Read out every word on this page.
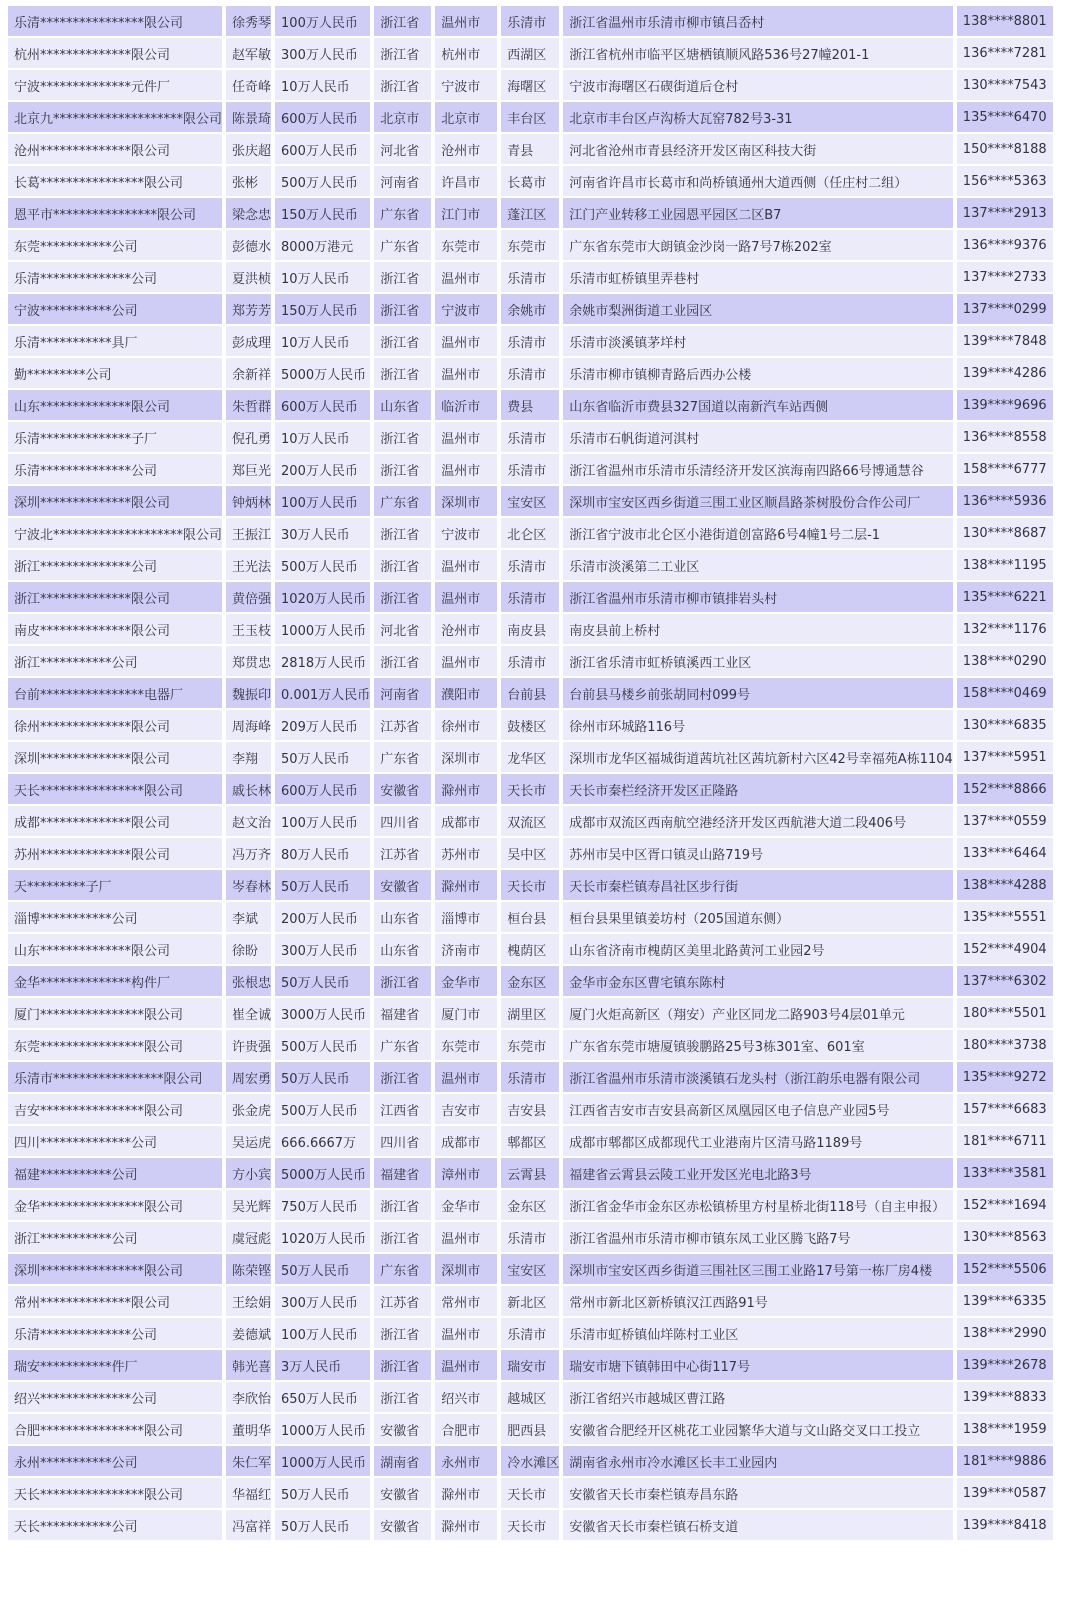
乐清****************限公司	徐秀琴	100万人民币	浙江省	温州市	乐清市	浙江省温州市乐清市柳市镇吕岙村	138****8801
杭州**************限公司	赵军敏	300万人民币	浙江省	杭州市	西湖区	浙江省杭州市临平区塘栖镇顺风路536号27幢201-1	136****7281
宁波**************元件厂	任奇峰	10万人民币	浙江省	宁波市	海曙区	宁波市海曙区石碶街道后仓村	130****7543
北京九********************限公司	陈景琦	600万人民币	北京市	北京市	丰台区	北京市丰台区卢沟桥大瓦窑782号3-31	135****6470
沧州**************限公司	张庆超	600万人民币	河北省	沧州市	青县	河北省沧州市青县经济开发区南区科技大街	150****8188
长葛****************限公司	张彬	500万人民币	河南省	许昌市	长葛市	河南省许昌市长葛市和尚桥镇通州大道西侧（任庄村二组）	156****5363
恩平市****************限公司	梁念忠	150万人民币	广东省	江门市	蓬江区	江门产业转移工业园恩平园区二区B7	137****2913
东莞***********公司	彭德水	8000万港元	广东省	东莞市	东莞市	广东省东莞市大朗镇金沙岗一路7号7栋202室	136****9376
乐清**************公司	夏洪桢	10万人民币	浙江省	温州市	乐清市	乐清市虹桥镇里弄巷村	137****2733
宁波***********公司	郑芳芳	150万人民币	浙江省	宁波市	余姚市	余姚市梨洲街道工业园区	137****0299
乐清***********具厂	彭成理	10万人民币	浙江省	温州市	乐清市	乐清市淡溪镇茅垟村	139****7848
勤*********公司	余新祥	5000万人民币	浙江省	温州市	乐清市	乐清市柳市镇柳青路后西办公楼	139****4286
山东**************限公司	朱哲群	600万人民币	山东省	临沂市	费县	山东省临沂市费县327国道以南新汽车站西侧	139****9696
乐清**************子厂	倪孔勇	10万人民币	浙江省	温州市	乐清市	乐清市石帆街道河淇村	136****8558
乐清**************公司	郑巨光	200万人民币	浙江省	温州市	乐清市	浙江省温州市乐清市乐清经济开发区滨海南四路66号博通慧谷	158****6777
深圳**************限公司	钟炳林	100万人民币	广东省	深圳市	宝安区	深圳市宝安区西乡街道三围工业区顺昌路茶树股份合作公司厂	136****5936
宁波北********************限公司	王振江	30万人民币	浙江省	宁波市	北仑区	浙江省宁波市北仑区小港街道创富路6号4幢1号二层-1	130****8687
浙江**************公司	王光法	500万人民币	浙江省	温州市	乐清市	乐清市淡溪第二工业区	138****1195
浙江**************限公司	黄倍强	1020万人民币	浙江省	温州市	乐清市	浙江省温州市乐清市柳市镇排岩头村	135****6221
南皮**************限公司	王玉枝	1000万人民币	河北省	沧州市	南皮县	南皮县前上桥村	132****1176
浙江***********公司	郑贯忠	2818万人民币	浙江省	温州市	乐清市	浙江省乐清市虹桥镇溪西工业区	138****0290
台前****************电器厂	魏振印	0.001万人民币	河南省	濮阳市	台前县	台前县马楼乡前张胡同村099号	158****0469
徐州**************限公司	周海峰	209万人民币	江苏省	徐州市	鼓楼区	徐州市环城路116号	130****6835
深圳**************限公司	李翔	50万人民币	广东省	深圳市	龙华区	深圳市龙华区福城街道茜坑社区茜坑新村六区42号幸福苑A栋1104	137****5951
天长****************限公司	戚长林	600万人民币	安徽省	滁州市	天长市	天长市秦栏经济开发区正隆路	152****8866
成都**************限公司	赵文治	100万人民币	四川省	成都市	双流区	成都市双流区西南航空港经济开发区西航港大道二段406号	137****0559
苏州**************限公司	冯万齐	80万人民币	江苏省	苏州市	吴中区	苏州市吴中区胥口镇灵山路719号	133****6464
天*********子厂	岑春林	50万人民币	安徽省	滁州市	天长市	天长市秦栏镇寿昌社区步行街	138****4288
淄博***********公司	李斌	200万人民币	山东省	淄博市	桓台县	桓台县果里镇姜坊村（205国道东侧）	135****5551
山东**************限公司	徐盼	300万人民币	山东省	济南市	槐荫区	山东省济南市槐荫区美里北路黄河工业园2号	152****4904
金华**************构件厂	张根忠	50万人民币	浙江省	金华市	金东区	金华市金东区曹宅镇东陈村	137****6302
厦门****************限公司	崔全诚	3000万人民币	福建省	厦门市	湖里区	厦门火炬高新区（翔安）产业区同龙二路903号4层01单元	180****5501
东莞****************限公司	许贵强	500万人民币	广东省	东莞市	东莞市	广东省东莞市塘厦镇骏鹏路25号3栋301室、601室	180****3738
乐清市*****************限公司	周宏勇	50万人民币	浙江省	温州市	乐清市	浙江省温州市乐清市淡溪镇石龙头村（浙江韵乐电器有限公司	135****9272
吉安****************限公司	张金虎	500万人民币	江西省	吉安市	吉安县	江西省吉安市吉安县高新区凤凰园区电子信息产业园5号	157****6683
四川**************公司	吴运虎	666.6667万	四川省	成都市	郫都区	成都市郫都区成都现代工业港南片区清马路1189号	181****6711
福建***********公司	方小宾	5000万人民币	福建省	漳州市	云霄县	福建省云霄县云陵工业开发区光电北路3号	133****3581
金华****************限公司	吴光辉	750万人民币	浙江省	金华市	金东区	浙江省金华市金东区赤松镇桥里方村星桥北街118号（自主申报）	152****1694
浙江***********公司	虞冠彪	1020万人民币	浙江省	温州市	乐清市	浙江省温州市乐清市柳市镇东凤工业区腾飞路7号	130****8563
深圳****************限公司	陈荣铿	50万人民币	广东省	深圳市	宝安区	深圳市宝安区西乡街道三围社区三围工业路17号第一栋厂房4楼	152****5506
常州**************限公司	王绘娟	300万人民币	江苏省	常州市	新北区	常州市新北区新桥镇汉江西路91号	139****6335
乐清**************公司	姜德斌	100万人民币	浙江省	温州市	乐清市	乐清市虹桥镇仙垟陈村工业区	138****2990
瑞安***********件厂	韩光喜	3万人民币	浙江省	温州市	瑞安市	瑞安市塘下镇韩田中心街117号	139****2678
绍兴**************公司	李欣怡	650万人民币	浙江省	绍兴市	越城区	浙江省绍兴市越城区曹江路	139****8833
合肥****************限公司	董明华	1000万人民币	安徽省	合肥市	肥西县	安徽省合肥经开区桃花工业园繁华大道与文山路交叉口工投立	138****1959
永州***********公司	朱仁军	1000万人民币	湖南省	永州市	冷水滩区	湖南省永州市冷水滩区长丰工业园内	181****9886
天长****************限公司	华福红	50万人民币	安徽省	滁州市	天长市	安徽省天长市秦栏镇寿昌东路	139****0587
天长***********公司	冯富祥	50万人民币	安徽省	滁州市	天长市	安徽省天长市秦栏镇石桥支道	139****8418
